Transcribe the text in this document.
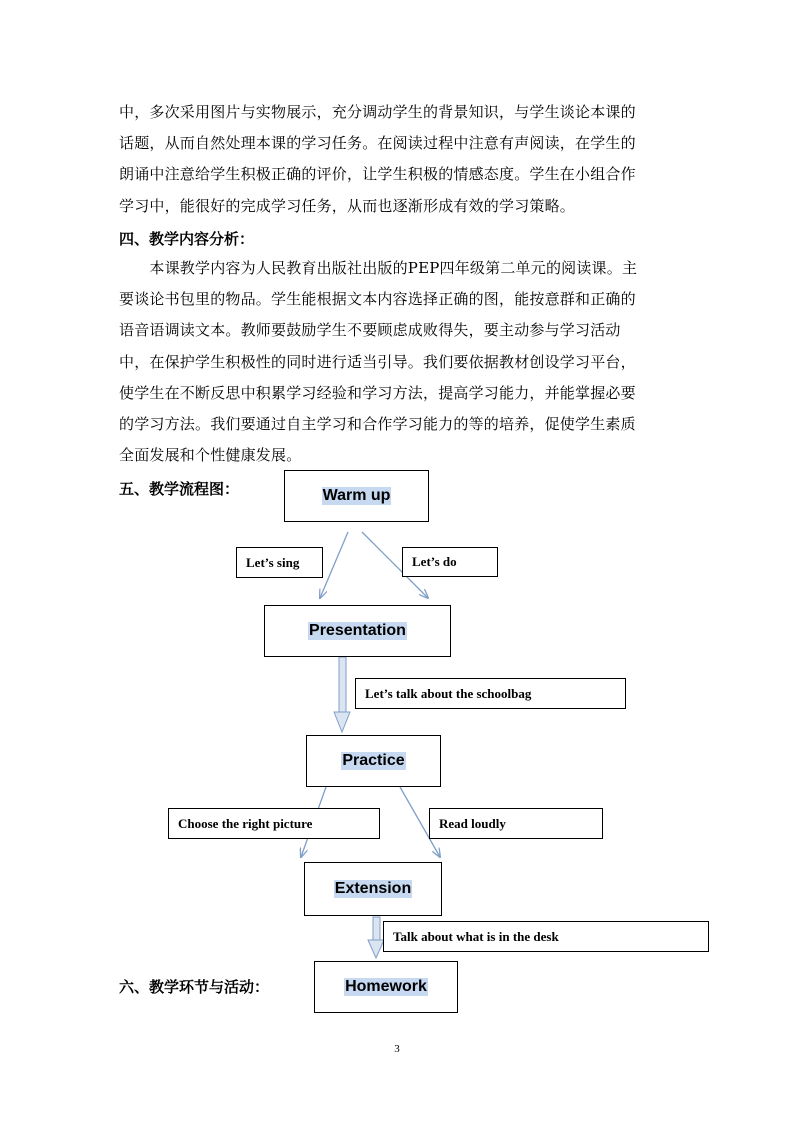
中，多次采用图片与实物展示，充分调动学生的背景知识，与学生谈论本课的
话题，从而自然处理本课的学习任务。在阅读过程中注意有声阅读，在学生的
朗诵中注意给学生积极正确的评价，让学生积极的情感态度。学生在小组合作
学习中，能很好的完成学习任务，从而也逐渐形成有效的学习策略。
四、教学内容分析：
　　本课教学内容为人民教育出版社出版的PEP四年级第二单元的阅读课。主
要谈论书包里的物品。学生能根据文本内容选择正确的图，能按意群和正确的
语音语调读文本。教师要鼓励学生不要顾虑成败得失，要主动参与学习活动
中，在保护学生积极性的同时进行适当引导。我们要依据教材创设学习平台，
使学生在不断反思中积累学习经验和学习方法，提高学习能力，并能掌握必要
的学习方法。我们要通过自主学习和合作学习能力的等的培养，促使学生素质
全面发展和个性健康发展。
五、教学流程图：	Warm up
Presentation
Practice
Extension
Homework
Let’s sing	Let’s do
Let’s talk about the schoolbag
Choose the right picture	Read loudly
Talk about what is in the desk
六、教学环节与活动：
3
